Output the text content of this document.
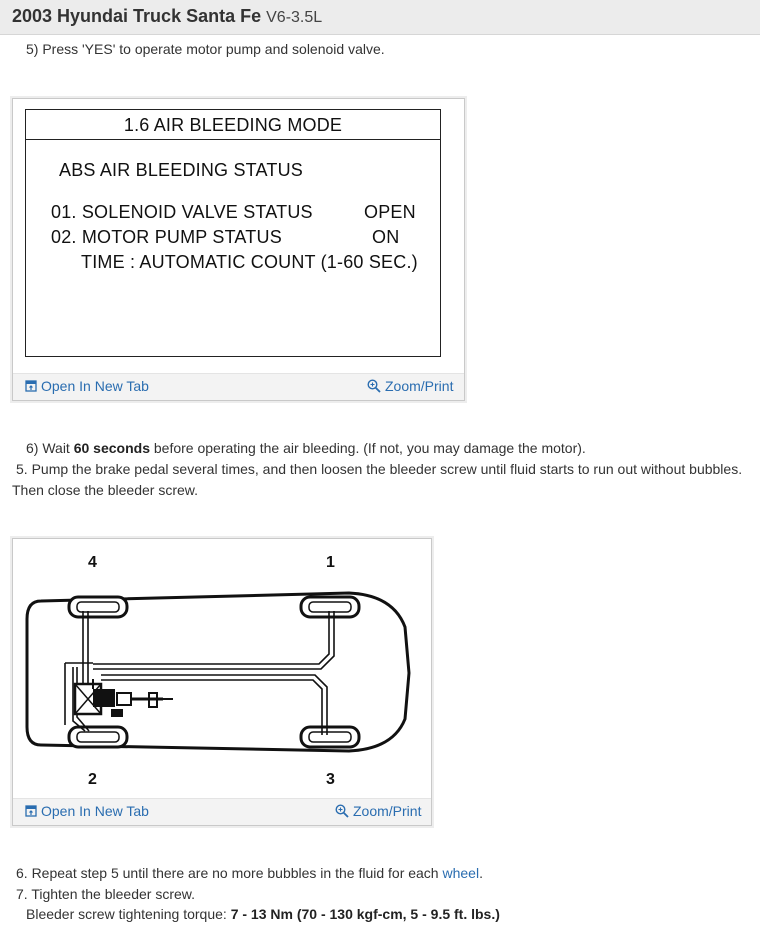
2003 Hyundai Truck Santa Fe V6-3.5L
5) Press 'YES' to operate motor pump and solenoid valve.
1.6 AIR BLEEDING MODE
ABS AIR BLEEDING STATUS
01. SOLENOID VALVE STATUS	OPEN
02. MOTOR PUMP STATUS	ON
TIME : AUTOMATIC COUNT (1-60 SEC.)
Open In New Tab	Zoom/Print
6) Wait 60 seconds before operating the air bleeding. (If not, you may damage the motor).
5. Pump the brake pedal several times, and then loosen the bleeder screw until fluid starts to run out without bubbles.
Then close the bleeder screw.
4	1
2	3
Open In New Tab	Zoom/Print
6. Repeat step 5 until there are no more bubbles in the fluid for each wheel.
7. Tighten the bleeder screw.
Bleeder screw tightening torque: 7 - 13 Nm (70 - 130 kgf-cm, 5 - 9.5 ft. lbs.)
